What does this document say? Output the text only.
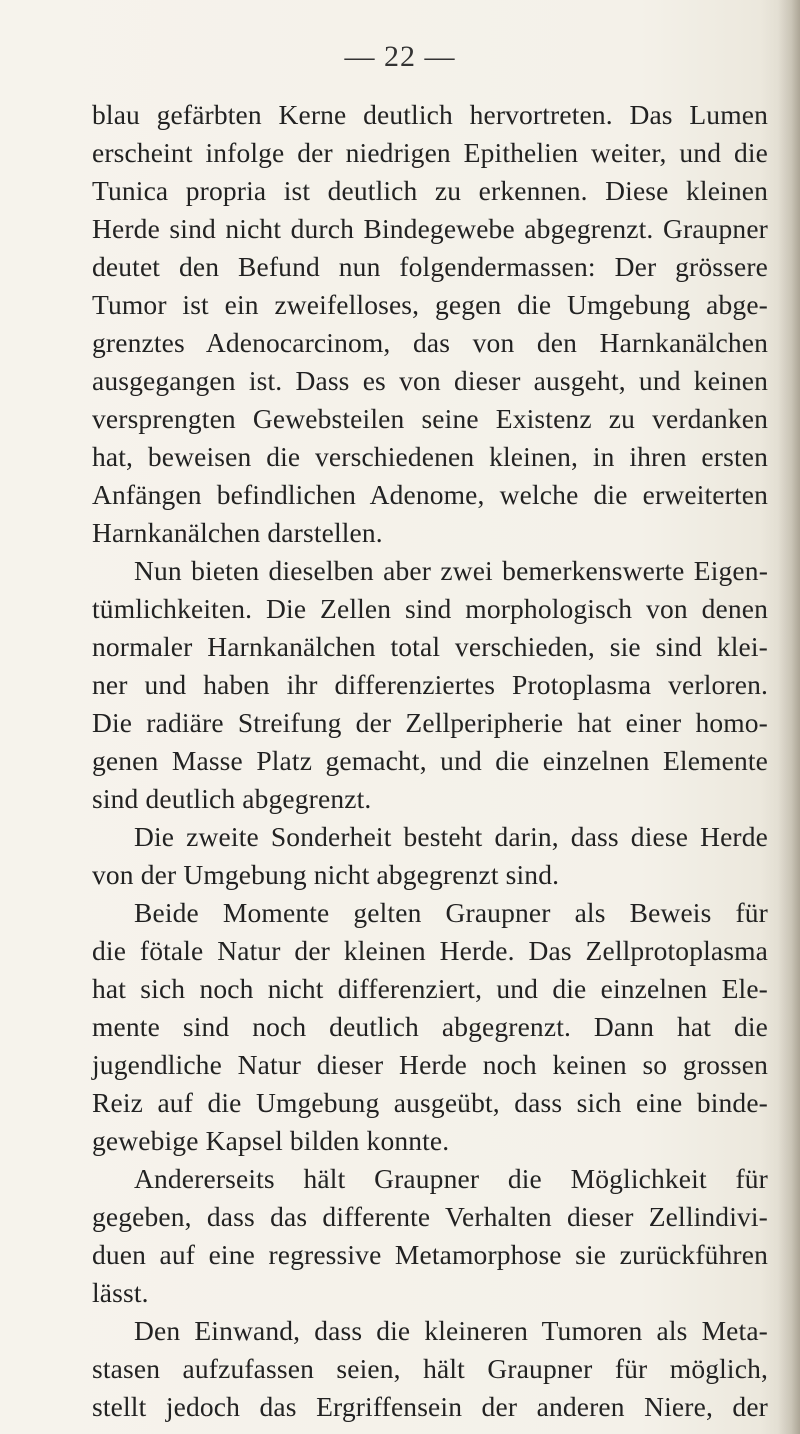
— 22 —
blau gefärbten Kerne deutlich hervortreten. Das Lumen
erscheint infolge der niedrigen Epithelien weiter, und die
Tunica propria ist deutlich zu erkennen. Diese kleinen
Herde sind nicht durch Bindegewebe abgegrenzt. Graupner
deutet den Befund nun folgendermassen: Der grössere
Tumor ist ein zweifelloses, gegen die Umgebung abge-
grenztes Adenocarcinom, das von den Harnkanälchen
ausgegangen ist. Dass es von dieser ausgeht, und keinen
versprengten Gewebsteilen seine Existenz zu verdanken
hat, beweisen die verschiedenen kleinen, in ihren ersten
Anfängen befindlichen Adenome, welche die erweiterten
Harnkanälchen darstellen.
Nun bieten dieselben aber zwei bemerkenswerte Eigen-
tümlichkeiten. Die Zellen sind morphologisch von denen
normaler Harnkanälchen total verschieden, sie sind klei-
ner und haben ihr differenziertes Protoplasma verloren.
Die radiäre Streifung der Zellperipherie hat einer homo-
genen Masse Platz gemacht, und die einzelnen Elemente
sind deutlich abgegrenzt.
Die zweite Sonderheit besteht darin, dass diese Herde
von der Umgebung nicht abgegrenzt sind.
Beide Momente gelten Graupner als Beweis für
die fötale Natur der kleinen Herde. Das Zellprotoplasma
hat sich noch nicht differenziert, und die einzelnen Ele-
mente sind noch deutlich abgegrenzt. Dann hat die
jugendliche Natur dieser Herde noch keinen so grossen
Reiz auf die Umgebung ausgeübt, dass sich eine binde-
gewebige Kapsel bilden konnte.
Andererseits hält Graupner die Möglichkeit für
gegeben, dass das differente Verhalten dieser Zellindivi-
duen auf eine regressive Metamorphose sie zurückführen
lässt.
Den Einwand, dass die kleineren Tumoren als Meta-
stasen aufzufassen seien, hält Graupner für möglich,
stellt jedoch das Ergriffensein der anderen Niere, der
